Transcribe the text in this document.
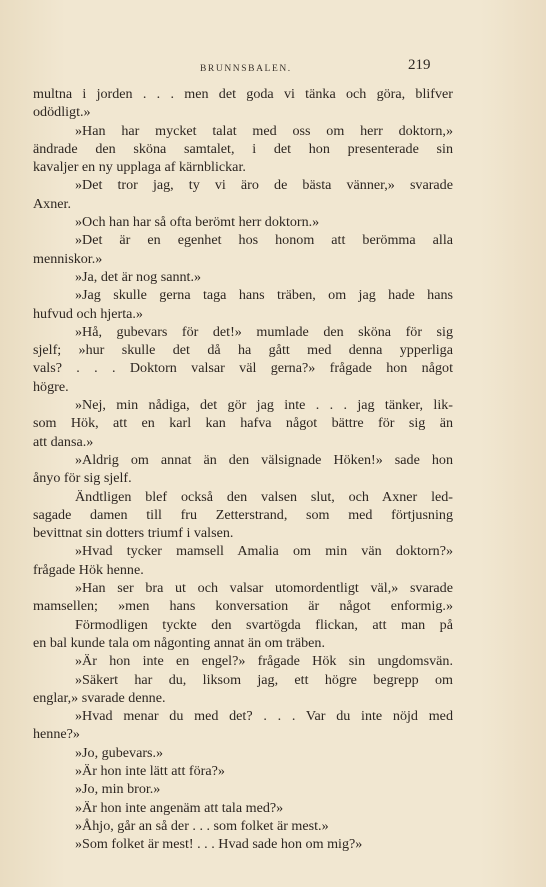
BRUNNSBALEN.	219
multna i jorden . . . men det goda vi tänka och göra, blifver
odödligt.»
»Han har mycket talat med oss om herr doktorn,»
ändrade den sköna samtalet, i det hon presenterade sin
kavaljer en ny upplaga af kärnblickar.
»Det tror jag, ty vi äro de bästa vänner,» svarade
Axner.
»Och han har så ofta berömt herr doktorn.»
»Det är en egenhet hos honom att berömma alla
menniskor.»
»Ja, det är nog sannt.»
»Jag skulle gerna taga hans träben, om jag hade hans
hufvud och hjerta.»
»Hå, gubevars för det!» mumlade den sköna för sig
sjelf; »hur skulle det då ha gått med denna ypperliga
vals? . . . Doktorn valsar väl gerna?» frågade hon något
högre.
»Nej, min nådiga, det gör jag inte . . . jag tänker, lik-
som Hök, att en karl kan hafva något bättre för sig än
att dansa.»
»Aldrig om annat än den välsignade Höken!» sade hon
ånyo för sig sjelf.
Ändtligen blef också den valsen slut, och Axner led-
sagade damen till fru Zetterstrand, som med förtjusning
bevittnat sin dotters triumf i valsen.
»Hvad tycker mamsell Amalia om min vän doktorn?»
frågade Hök henne.
»Han ser bra ut och valsar utomordentligt väl,» svarade
mamsellen; »men hans konversation är något enformig.»
Förmodligen tyckte den svartögda flickan, att man på
en bal kunde tala om någonting annat än om träben.
»Är hon inte en engel?» frågade Hök sin ungdomsvän.
»Säkert har du, liksom jag, ett högre begrepp om
englar,» svarade denne.
»Hvad menar du med det? . . . Var du inte nöjd med
henne?»
»Jo, gubevars.»
»Är hon inte lätt att föra?»
»Jo, min bror.»
»Är hon inte angenäm att tala med?»
»Åhjo, går an så der . . . som folket är mest.»
»Som folket är mest! . . . Hvad sade hon om mig?»
